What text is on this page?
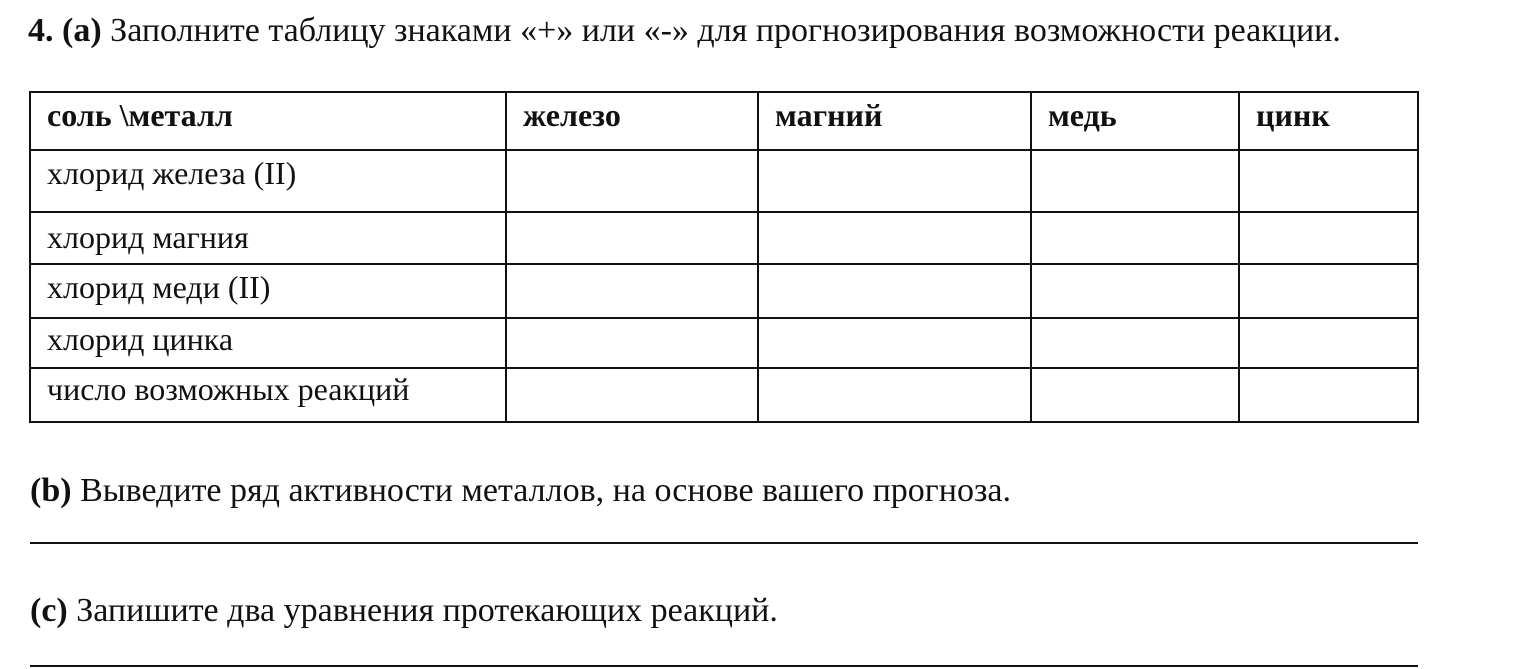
4. (a) Заполните таблицу знаками «+» или «-» для прогнозирования возможности реакции.
соль \металл	железо	магний	медь	цинк
хлорид железа (II)				
хлорид магния				
хлорид меди (II)				
хлорид цинка				
число возможных реакций				
(b) Выведите ряд активности металлов, на основе вашего прогноза.
(c) Запишите два уравнения протекающих реакций.
